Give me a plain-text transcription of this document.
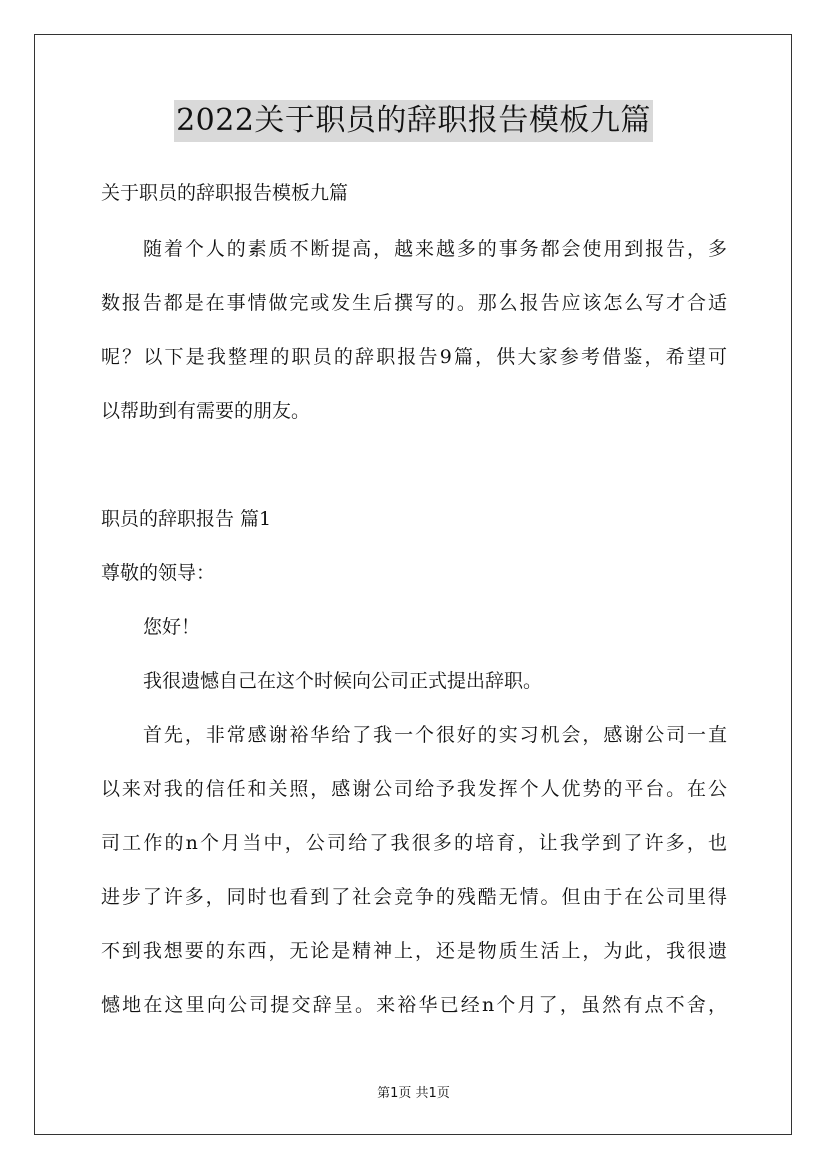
2022关于职员的辞职报告模板九篇
关于职员的辞职报告模板九篇
随着个人的素质不断提高，越来越多的事务都会使用到报告，多
数报告都是在事情做完或发生后撰写的。那么报告应该怎么写才合适
呢？以下是我整理的职员的辞职报告9篇，供大家参考借鉴，希望可
以帮助到有需要的朋友。
职员的辞职报告 篇1
尊敬的领导：
您好！
我很遗憾自己在这个时候向公司正式提出辞职。
首先，非常感谢裕华给了我一个很好的实习机会，感谢公司一直
以来对我的信任和关照，感谢公司给予我发挥个人优势的平台。在公
司工作的n个月当中，公司给了我很多的培育，让我学到了许多，也
进步了许多，同时也看到了社会竞争的残酷无情。但由于在公司里得
不到我想要的东西，无论是精神上，还是物质生活上，为此，我很遗
憾地在这里向公司提交辞呈。来裕华已经n个月了，虽然有点不舍，
第1页 共1页
